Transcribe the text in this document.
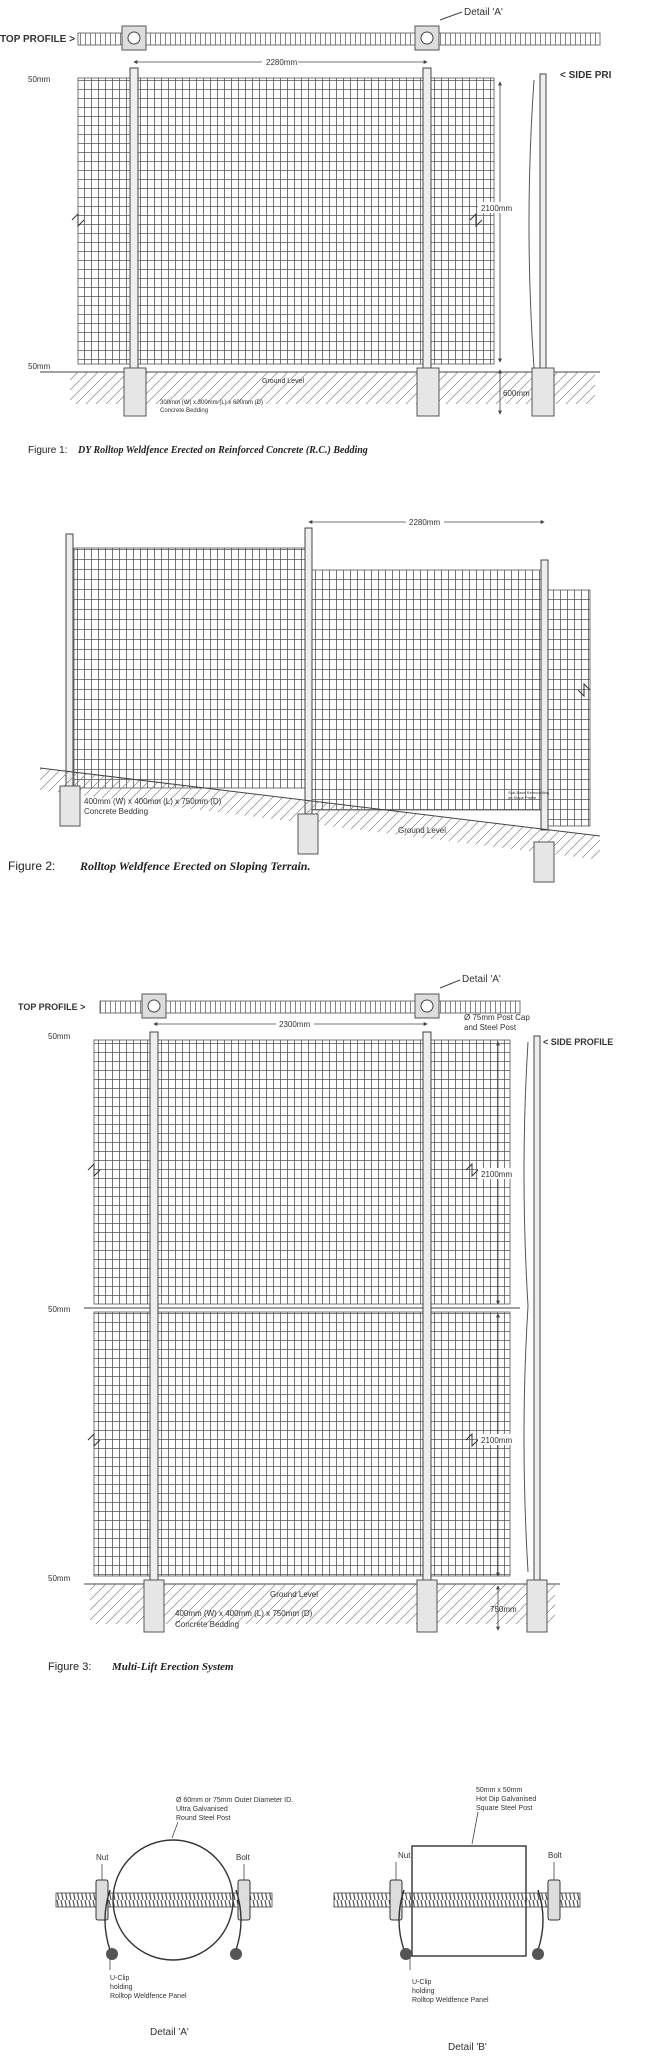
TOP PROFILE >
Detail 'A'
2280mm
50mm
50mm
< SIDE PRI
2100mm
Ground Level
600mm
300mm (W) x 300mm (L) x 600mm (D)
Concrete Bedding
Figure 1: DY Rolltop Weldfence Erected on Reinforced Concrete (R.C.) Bedding
2280mm
400mm (W) x 400mm (L) x 750mm (D)
Concrete Bedding
Ground Level
Sub-Base Remodelling
on Slope Profile
Figure 2: Rolltop Weldfence Erected on Sloping Terrain.
TOP PROFILE >
Detail 'A'
2300mm
Ø 75mm Post Cap
and Steel Post
< SIDE PROFILE
50mm
50mm
50mm
2100mm
2100mm
Ground Level
750mm
400mm (W) x 400mm (L) x 750mm (D)
Concrete Bedding
Figure 3: Multi-Lift Erection System
Ø 60mm or 75mm Outer Diameter ID.
Ultra Galvanised
Round Steel Post
Nut	Bolt
U-Clip
holding
Rolltop Weldfence Panel
Detail 'A'
50mm x 50mm
Hot Dip Galvanised
Square Steel Post
Nut	Bolt
U-Clip
holding
Rolltop Weldfence Panel
Detail 'B'
